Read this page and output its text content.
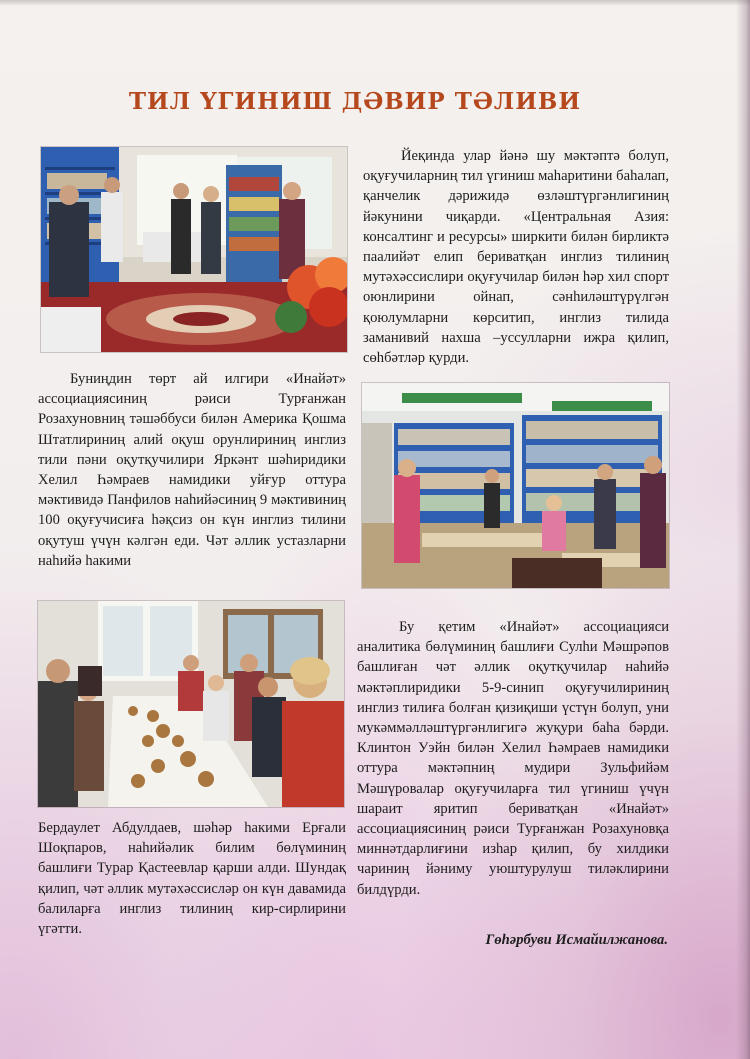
ТИЛ ҮГИНИШ ДӘВИР ТӘЛИВИ

Йеқинда улар йәнә шу мәктәптә болуп, оқуғучиларниң тил үгиниш маһаритини баһалап, қанчелик дәрижидә өзләштүргәнлигиниң йәкунини чиқарди. «Центральная Азия: консалтинг и ресурсы» ширкити билән бирликтә паалийәт елип бериватқан инглиз тилиниң мутәхәссислири оқуғучилар билән һәр хил спорт оюнлирини ойнап, сәнһиләштүрүлгән қоюлумларни көрситип, инглиз тилида заманивий нахша –уссулларни ижра қилип, сөһбәтләр қурди.

Буниңдин төрт ай илгири «Инайәт» ассоциациясиниң рәиси Турғанжан Розахуновниң тәшәббуси билән Америка Қошма Штатлириниң алий оқуш орунлириниң инглиз тили пәни оқутқучилири Яркәнт шәһиридики Хелил Һәмраев намидики уйғур оттура мәктивидә Панфилов наһийәсиниң 9 мәктивиниң 100 оқуғучисиға һәқсиз он күн инглиз тилини оқутуш үчүн кәлгән еди. Чәт әллик устазларни наһийә һакими

Бердаулет Абдулдаев, шәһәр һакими Ерғали Шоқпаров, наһийәлик билим бөлүминиң башлиғи Турар Қастеевлар қарши алди. Шундақ қилип, чәт әллик мутәхәссисләр он күн давамида балиларға инглиз тилиниң кир-сирлирини үгәтти.

Бу қетим «Инайәт» ассоциацияси аналитика бөлүминиң башлиғи Сулһи Мәшрәпов башлиған чәт әллик оқутқучилар наһийә мәктәплиридики 5-9-синип оқуғучилириниң инглиз тилиға болған қизиқиши үстүн болуп, уни мукәммәлләштүргәнлигигә жуқури баһа бәрди. Клинтон Уэйн билән Хелил Һәмраев намидики оттура мәктәпниң мудири Зульфийәм Мәшүровалар оқуғучиларға тил үгиниш үчүн шараит яритип бериватқан «Инайәт» ассоциациясиниң рәиси Турғанжан Розахуновқа миннәтдарлиғини изһар қилип, бу хилдики чариниң йәниму уюштурулуш тиләклирини билдүрди.

Гөһәрбуви Исмайилжанова.
